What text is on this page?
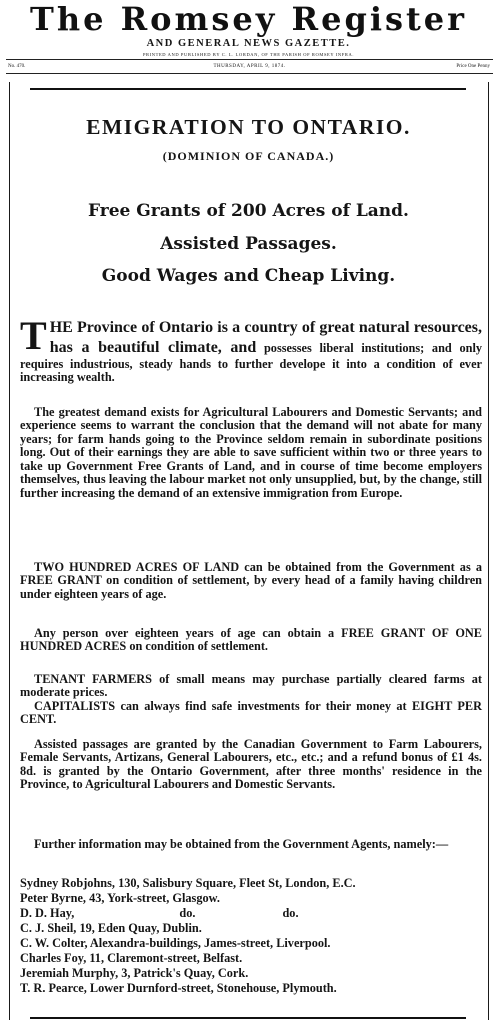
The Romsey Register
AND GENERAL NEWS GAZETTE.
PRINTED AND PUBLISHED BY C. L. LORDAN, OF THE PARISH OF ROMSEY INFRA.
No. 470.	THURSDAY, APRIL 9, 1874.	Price One Penny
EMIGRATION TO ONTARIO.
(DOMINION OF CANADA.)
Free Grants of 200 Acres of Land.
Assisted Passages.
Good Wages and Cheap Living.
T HE Province of Ontario is a country of great natural resources, has a beautiful climate, and possesses liberal institutions; and only requires industrious, steady hands to further develope it into a condition of ever increasing wealth.
The greatest demand exists for Agricultural Labourers and Domestic Servants; and experience seems to warrant the conclusion that the demand will not abate for many years; for farm hands going to the Province seldom remain in subordinate positions long. Out of their earnings they are able to save sufficient within two or three years to take up Government Free Grants of Land, and in course of time become employers themselves, thus leaving the labour market not only unsupplied, but, by the change, still further increasing the demand of an extensive immigration from Europe.
TWO HUNDRED ACRES OF LAND can be obtained from the Government as a FREE GRANT on condition of settlement, by every head of a family having children under eighteen years of age.
Any person over eighteen years of age can obtain a FREE GRANT OF ONE HUNDRED ACRES on condition of settlement.
TENANT FARMERS of small means may purchase partially cleared farms at moderate prices.
CAPITALISTS can always find safe investments for their money at EIGHT PER CENT.
Assisted passages are granted by the Canadian Government to Farm Labourers, Female Servants, Artizans, General Labourers, etc., etc.; and a refund bonus of £1 4s. 8d. is granted by the Ontario Government, after three months' residence in the Province, to Agricultural Labourers and Domestic Servants.
Further information may be obtained from the Government Agents, namely:—
Sydney Robjohns, 130, Salisbury Square, Fleet St, London, E.C.
Peter Byrne, 43, York-street, Glasgow.
D. D. Hay,	do.	do.
C. J. Sheil, 19, Eden Quay, Dublin.
C. W. Colter, Alexandra-buildings, James-street, Liverpool.
Charles Foy, 11, Claremont-street, Belfast.
Jeremiah Murphy, 3, Patrick's Quay, Cork.
T. R. Pearce, Lower Durnford-street, Stonehouse, Plymouth.
